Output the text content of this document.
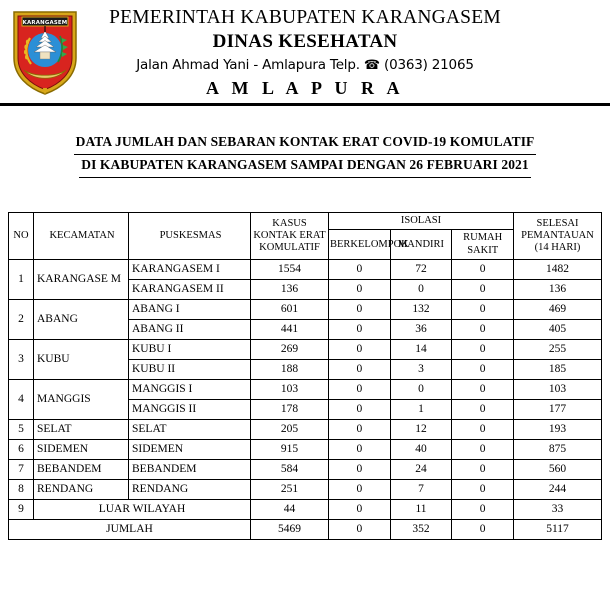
KARANGASEM	PEMERINTAH KABUPATEN KARANGASEM
DINAS KESEHATAN
Jalan Ahmad Yani - Amlapura Telp. ☎ (0363) 21065
A M L A P U R A
DATA JUMLAH DAN SEBARAN KONTAK ERAT COVID-19 KOMULATIF
DI KABUPATEN KARANGASEM SAMPAI DENGAN 26 FEBRUARI 2021
NO	KECAMATAN	PUSKESMAS	KASUS KONTAK ERAT KOMULATIF	ISOLASI			SELESAI PEMANTAUAN (14 HARI)
				BERKELOMPOK	MANDIRI	RUMAH SAKIT	
1	KARANGASE M	KARANGASEM I	1554	0	72	0	1482
		KARANGASEM II	136	0	0	0	136
2	ABANG	ABANG I	601	0	132	0	469
		ABANG II	441	0	36	0	405
3	KUBU	KUBU I	269	0	14	0	255
		KUBU II	188	0	3	0	185
4	MANGGIS	MANGGIS I	103	0	0	0	103
		MANGGIS II	178	0	1	0	177
5	SELAT	SELAT	205	0	12	0	193
6	SIDEMEN	SIDEMEN	915	0	40	0	875
7	BEBANDEM	BEBANDEM	584	0	24	0	560
8	RENDANG	RENDANG	251	0	7	0	244
9	LUAR WILAYAH		44	0	11	0	33
JUMLAH			5469	0	352	0	5117
